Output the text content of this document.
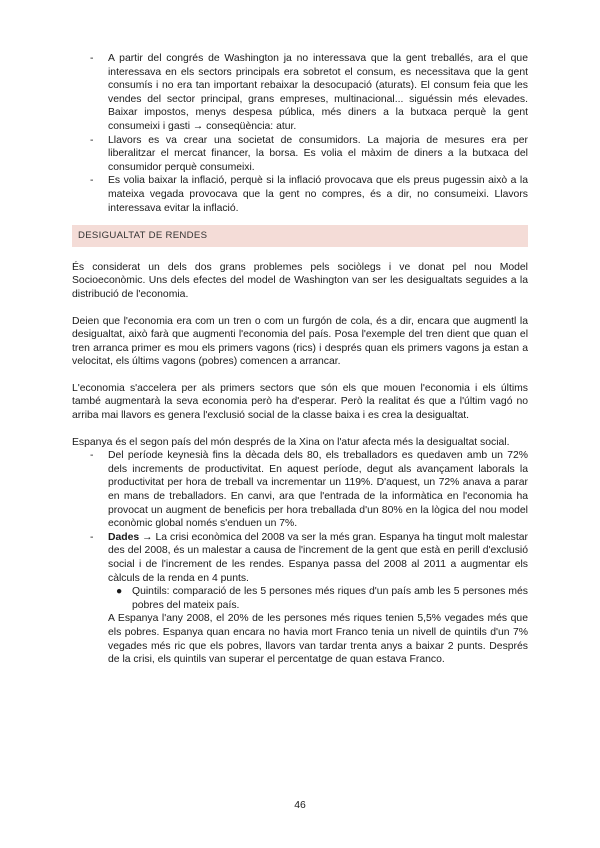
- A partir del congrés de Washington ja no interessava que la gent treballés, ara el que interessava en els sectors principals era sobretot el consum, es necessitava que la gent consumís i no era tan important rebaixar la desocupació (aturats). El consum feia que les vendes del sector principal, grans empreses, multinacional... siguéssin més elevades. Baixar impostos, menys despesa pública, més diners a la butxaca perquè la gent consumeixi i gasti → conseqüència: atur.
- Llavors es va crear una societat de consumidors. La majoria de mesures era per liberalitzar el mercat financer, la borsa. Es volia el màxim de diners a la butxaca del consumidor perquè consumeixi.
- Es volia baixar la inflació, perquè si la inflació provocava que els preus pugessin això a la mateixa vegada provocava que la gent no compres, és a dir, no consumeixi. Llavors interessava evitar la inflació.
DESIGUALTAT DE RENDES

És considerat un dels dos grans problemes pels sociòlegs i ve donat pel nou Model Socioeconòmic. Uns dels efectes del model de Washington van ser les desigualtats seguides a la distribució de l'economia.

Deien que l'economia era com un tren o com un furgón de cola, és a dir, encara que augmentl la desigualtat, això farà que augmenti l'economia del país. Posa l'exemple del tren dient que quan el tren arranca primer es mou els primers vagons (rics) i després quan els primers vagons ja estan a velocitat, els últims vagons (pobres) comencen a arrancar.

L'economia s'accelera per als primers sectors que són els que mouen l'economia i els últims també augmentarà la seva economia però ha d'esperar. Però la realitat és que a l'últim vagó no arriba mai llavors es genera l'exclusió social de la classe baixa i es crea la desigualtat.

Espanya és el segon país del món després de la Xina on l'atur afecta més la desigualtat social.

- Del període keynesià fins la dècada dels 80, els treballadors es quedaven amb un 72% dels increments de productivitat. En aquest període, degut als avançament laborals la productivitat per hora de treball va incrementar un 119%. D'aquest, un 72% anava a parar en mans de treballadors. En canvi, ara que l'entrada de la informàtica en l'economia ha provocat un augment de beneficis per hora treballada d'un 80% en la lògica del nou model econòmic global només s'enduen un 7%.
- Dades → La crisi econòmica del 2008 va ser la més gran. Espanya ha tingut molt malestar des del 2008, és un malestar a causa de l'increment de la gent que està en perill d'exclusió social i de l'increment de les rendes. Espanya passa del 2008 al 2011 a augmentar els càlculs de la renda en 4 punts.
● Quintils: comparació de les 5 persones més riques d'un país amb les 5 persones més pobres del mateix país.

A Espanya l'any 2008, el 20% de les persones més riques tenien 5,5% vegades més que els pobres. Espanya quan encara no havia mort Franco tenia un nivell de quintils d'un 7% vegades més ric que els pobres, llavors van tardar trenta anys a baixar 2 punts. Després de la crisi, els quintils van superar el percentatge de quan estava Franco.

46
